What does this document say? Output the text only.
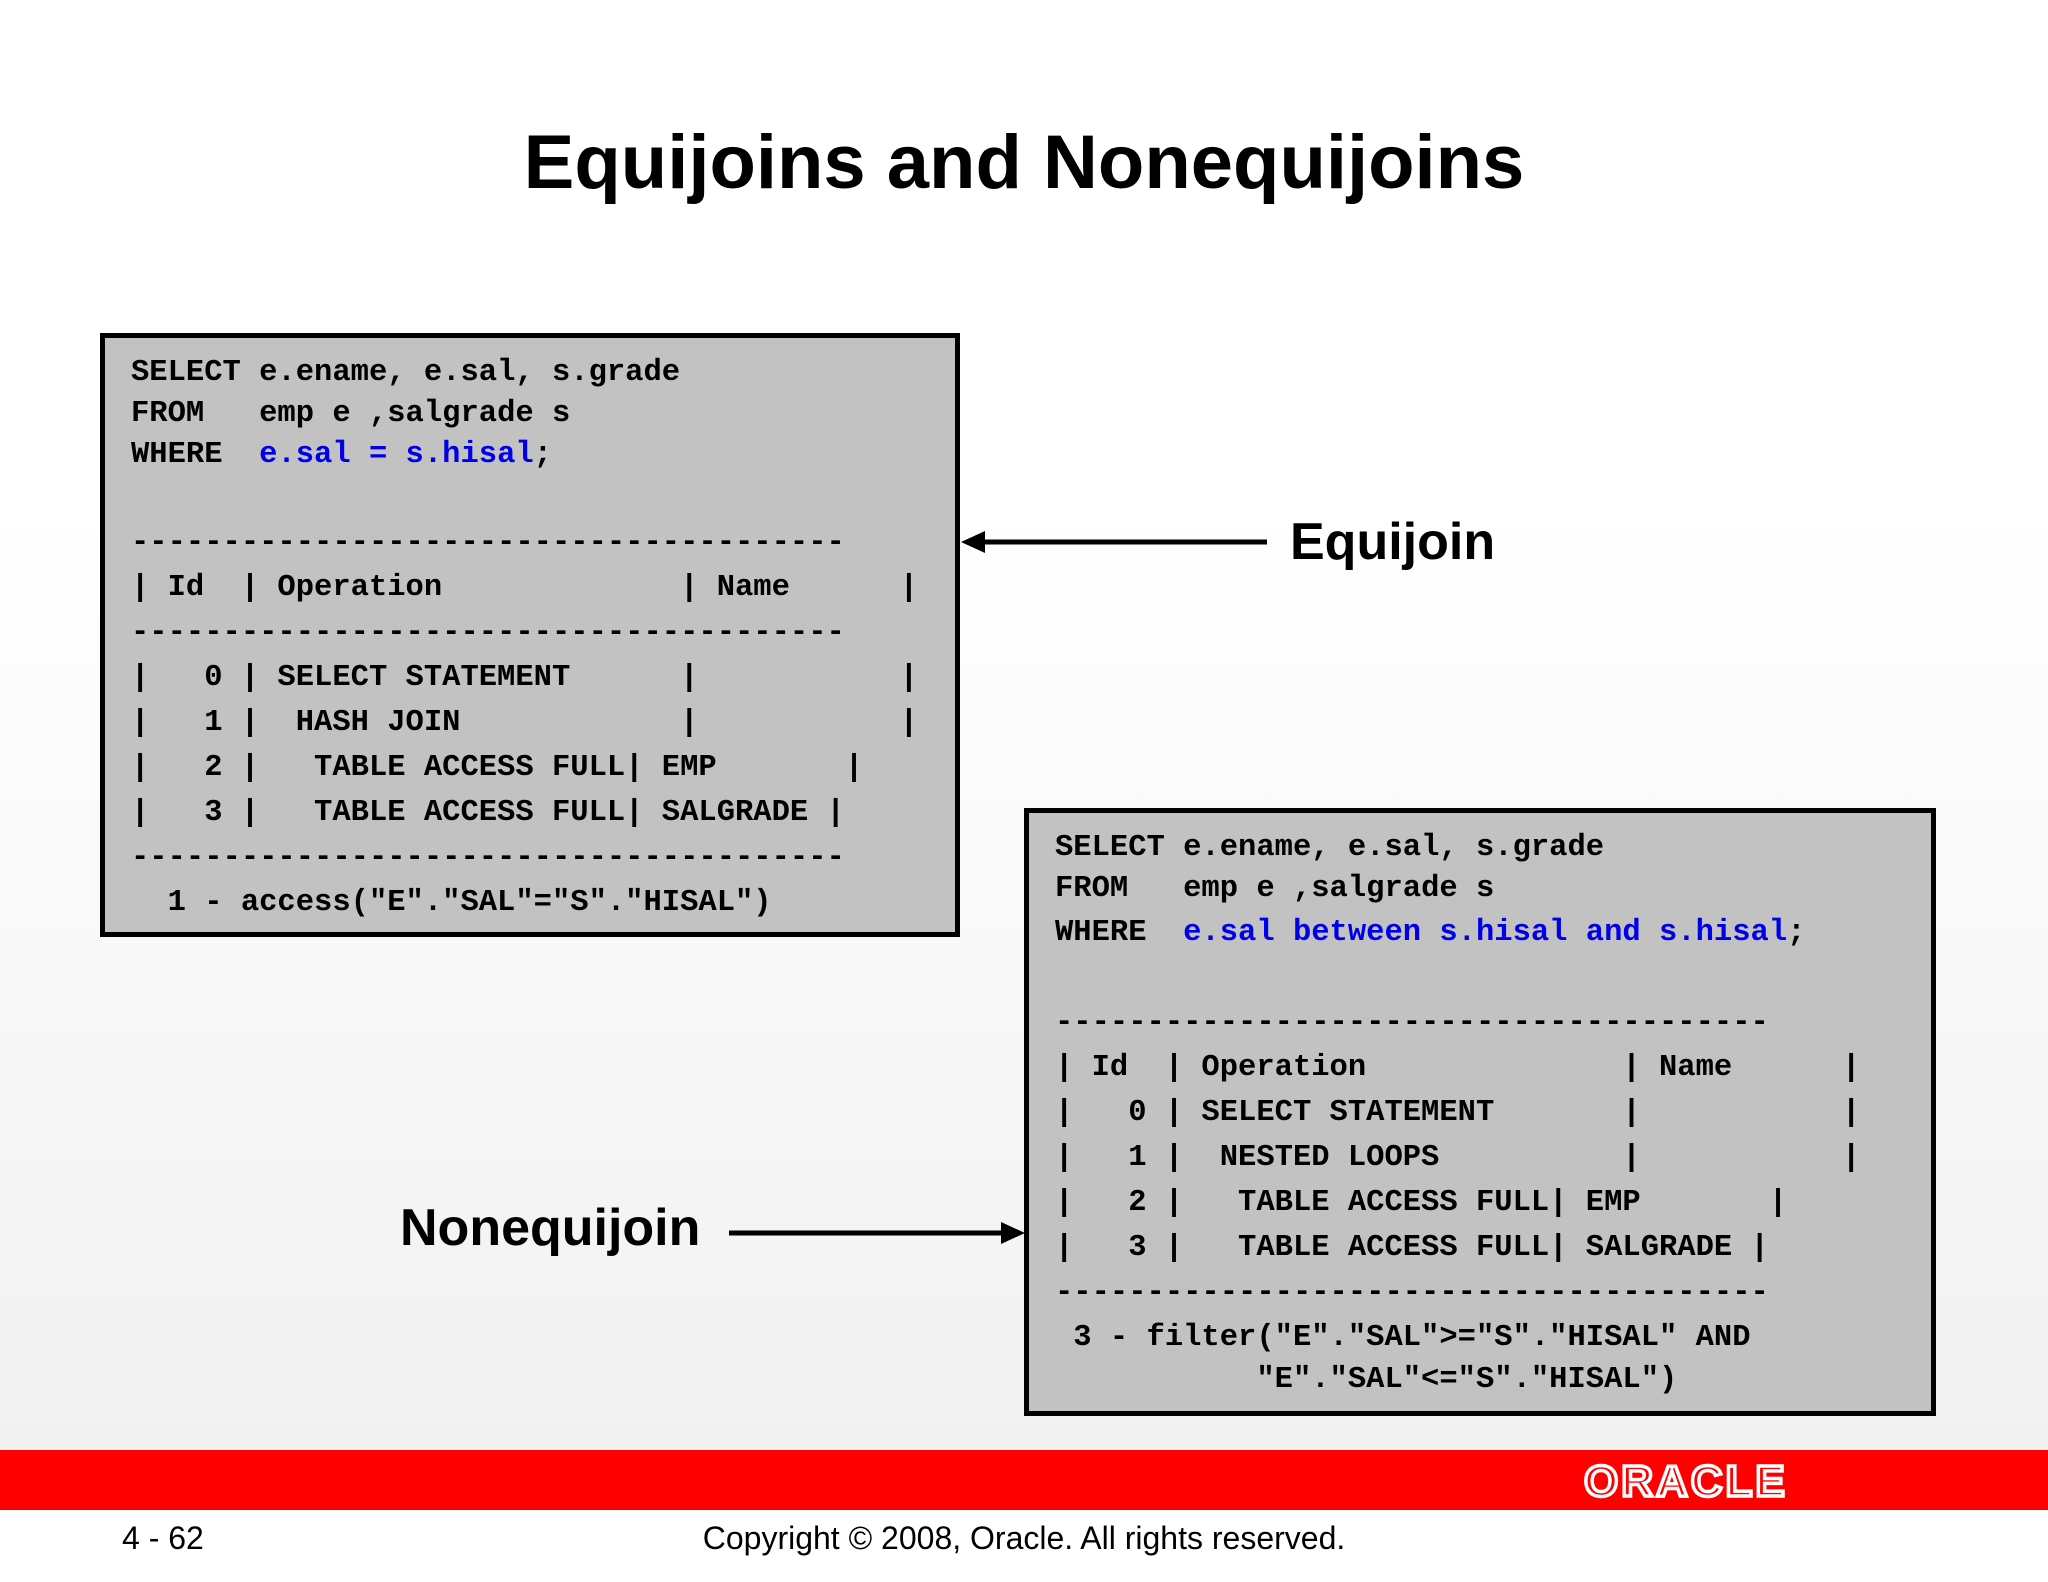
Equijoins and Nonequijoins
SELECT e.ename, e.sal, s.grade
FROM   emp e ,salgrade s
WHERE  e.sal = s.hisal;
---------------------------------------
| Id  | Operation             | Name      |
---------------------------------------
|   0 | SELECT STATEMENT      |           |
|   1 |  HASH JOIN            |           |
|   2 |   TABLE ACCESS FULL| EMP       |
|   3 |   TABLE ACCESS FULL| SALGRADE |
---------------------------------------
1 - access("E"."SAL"="S"."HISAL")
Equijoin
SELECT e.ename, e.sal, s.grade
FROM   emp e ,salgrade s
WHERE  e.sal between s.hisal and s.hisal;
---------------------------------------
| Id  | Operation              | Name      |
|   0 | SELECT STATEMENT       |           |
|   1 |  NESTED LOOPS          |           |
|   2 |   TABLE ACCESS FULL| EMP       |
|   3 |   TABLE ACCESS FULL| SALGRADE |
---------------------------------------
3 - filter("E"."SAL">="S"."HISAL" AND
"E"."SAL"<="S"."HISAL")
Nonequijoin
ORACLE
4 - 62	Copyright © 2008, Oracle. All rights reserved.
